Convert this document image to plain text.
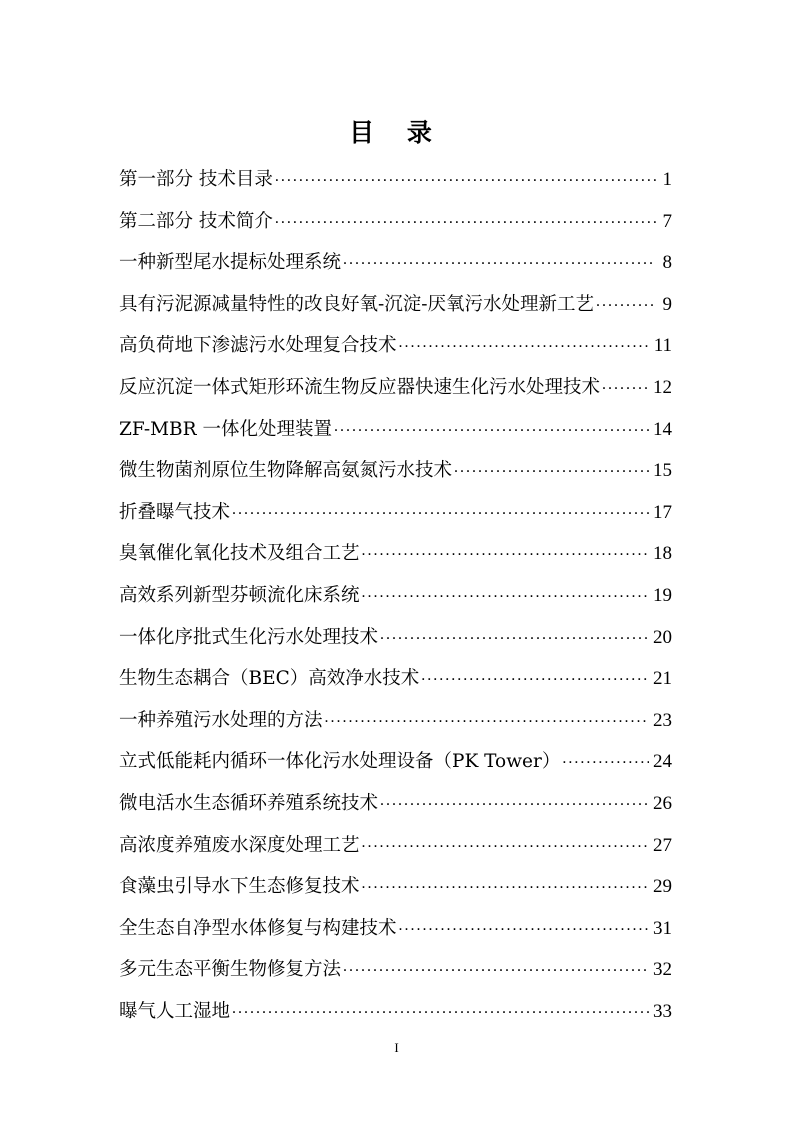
目 录
第一部分 技术目录 . . .	1
第二部分 技术简介 . . .	7
一种新型尾水提标处理系统 . . .	8
具有污泥源减量特性的改良好氧-沉淀-厌氧污水处理新工艺 . . .	9
高负荷地下渗滤污水处理复合技术 . . .	11
反应沉淀一体式矩形环流生物反应器快速生化污水处理技术 . . .	12
ZF-MBR 一体化处理装置 . . .	14
微生物菌剂原位生物降解高氨氮污水技术 . . .	15
折叠曝气技术 . . .	17
臭氧催化氧化技术及组合工艺 . . .	18
高效系列新型芬顿流化床系统 . . .	19
一体化序批式生化污水处理技术 . . .	20
生物生态耦合（BEC）高效净水技术 . . .	21
一种养殖污水处理的方法 . . .	23
立式低能耗内循环一体化污水处理设备（PK Tower） . . .	24
微电活水生态循环养殖系统技术 . . .	26
高浓度养殖废水深度处理工艺 . . .	27
食藻虫引导水下生态修复技术 . . .	29
全生态自净型水体修复与构建技术 . . .	31
多元生态平衡生物修复方法 . . .	32
曝气人工湿地 . . .	33
I
